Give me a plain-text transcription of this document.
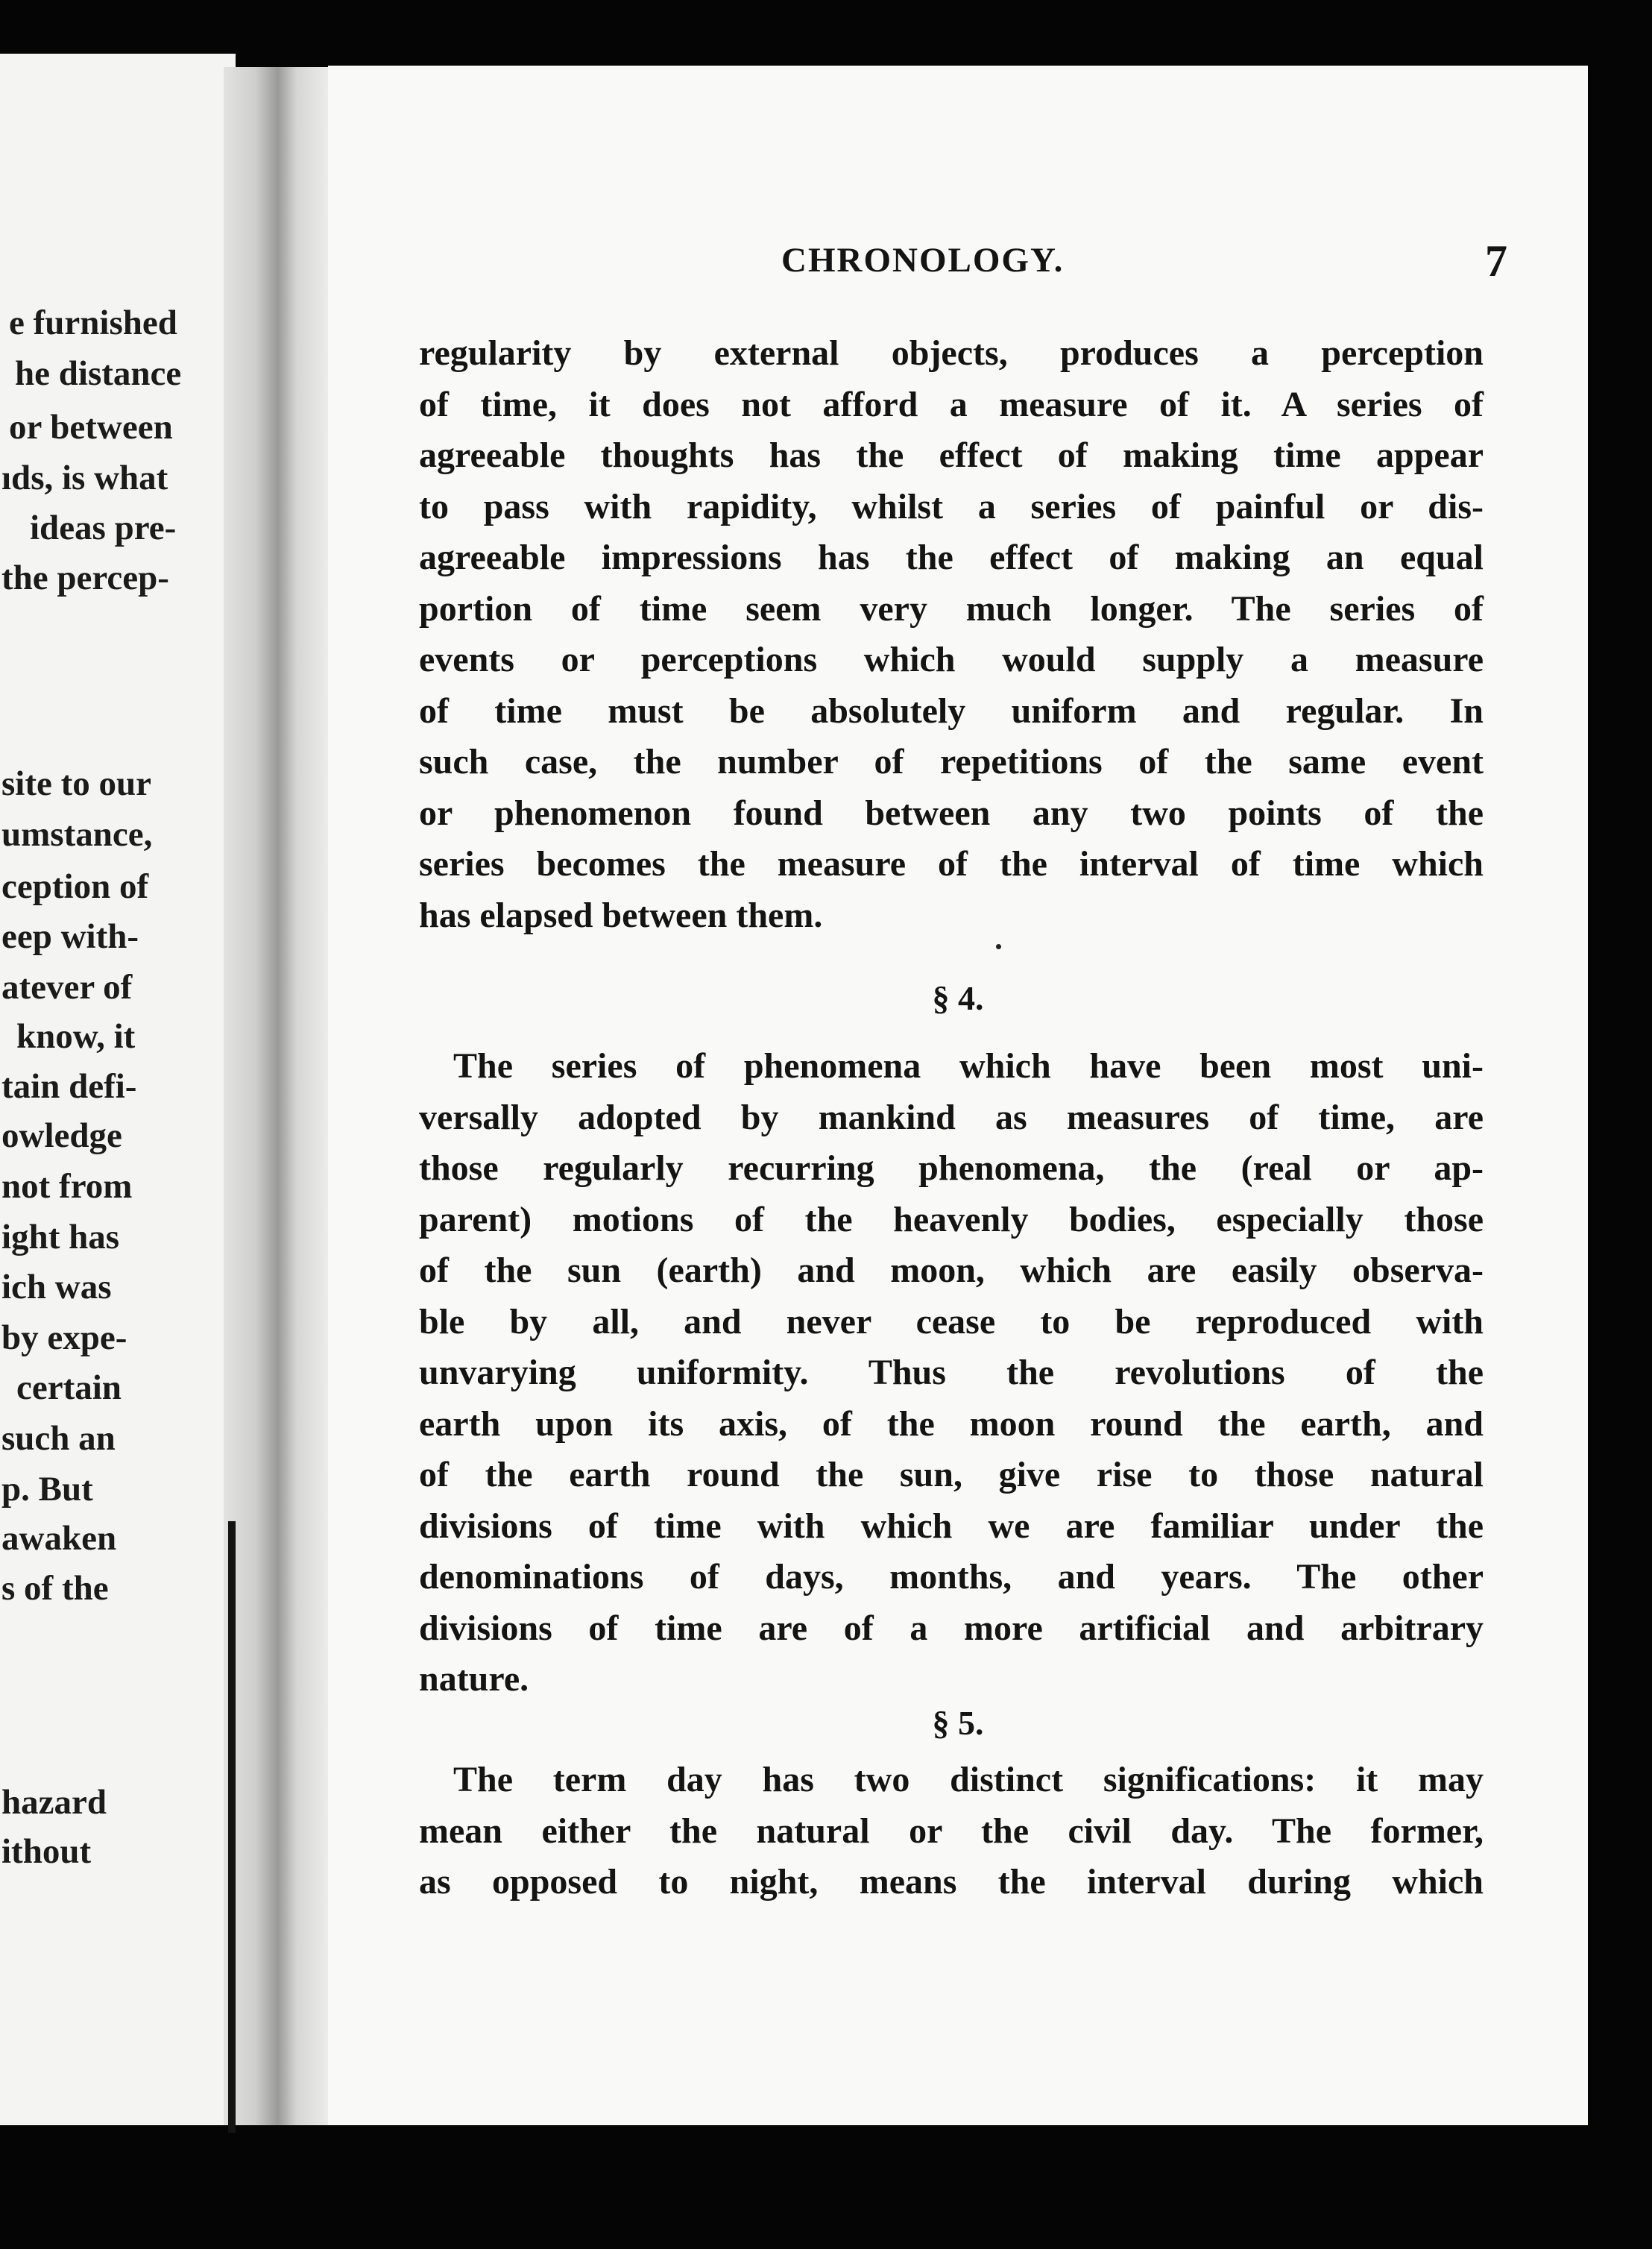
e furnished
he distance
or between
ıds, is what
ideas pre-
the percep-
site to our
umstance,
ception of
eep with-
atever of
know, it
tain defi-
owledge
not from
ight has
ich was
by expe-
certain
such an
p. But
awaken
s of the
hazard
ithout
CHRONOLOGY.	7
regularity by external objects, produces a perception
of time, it does not afford a measure of it. A series of
agreeable thoughts has the effect of making time appear
to pass with rapidity, whilst a series of painful or dis-
agreeable impressions has the effect of making an equal
portion of time seem very much longer. The series of
events or perceptions which would supply a measure
of time must be absolutely uniform and regular. In
such case, the number of repetitions of the same event
or phenomenon found between any two points of the
series becomes the measure of the interval of time which
has elapsed between them.
§ 4.
The series of phenomena which have been most uni-
versally adopted by mankind as measures of time, are
those regularly recurring phenomena, the (real or ap-
parent) motions of the heavenly bodies, especially those
of the sun (earth) and moon, which are easily observa-
ble by all, and never cease to be reproduced with
unvarying uniformity. Thus the revolutions of the
earth upon its axis, of the moon round the earth, and
of the earth round the sun, give rise to those natural
divisions of time with which we are familiar under the
denominations of days, months, and years. The other
divisions of time are of a more artificial and arbitrary
nature.
§ 5.
The term day has two distinct significations: it may
mean either the natural or the civil day. The former,
as opposed to night, means the interval during which
